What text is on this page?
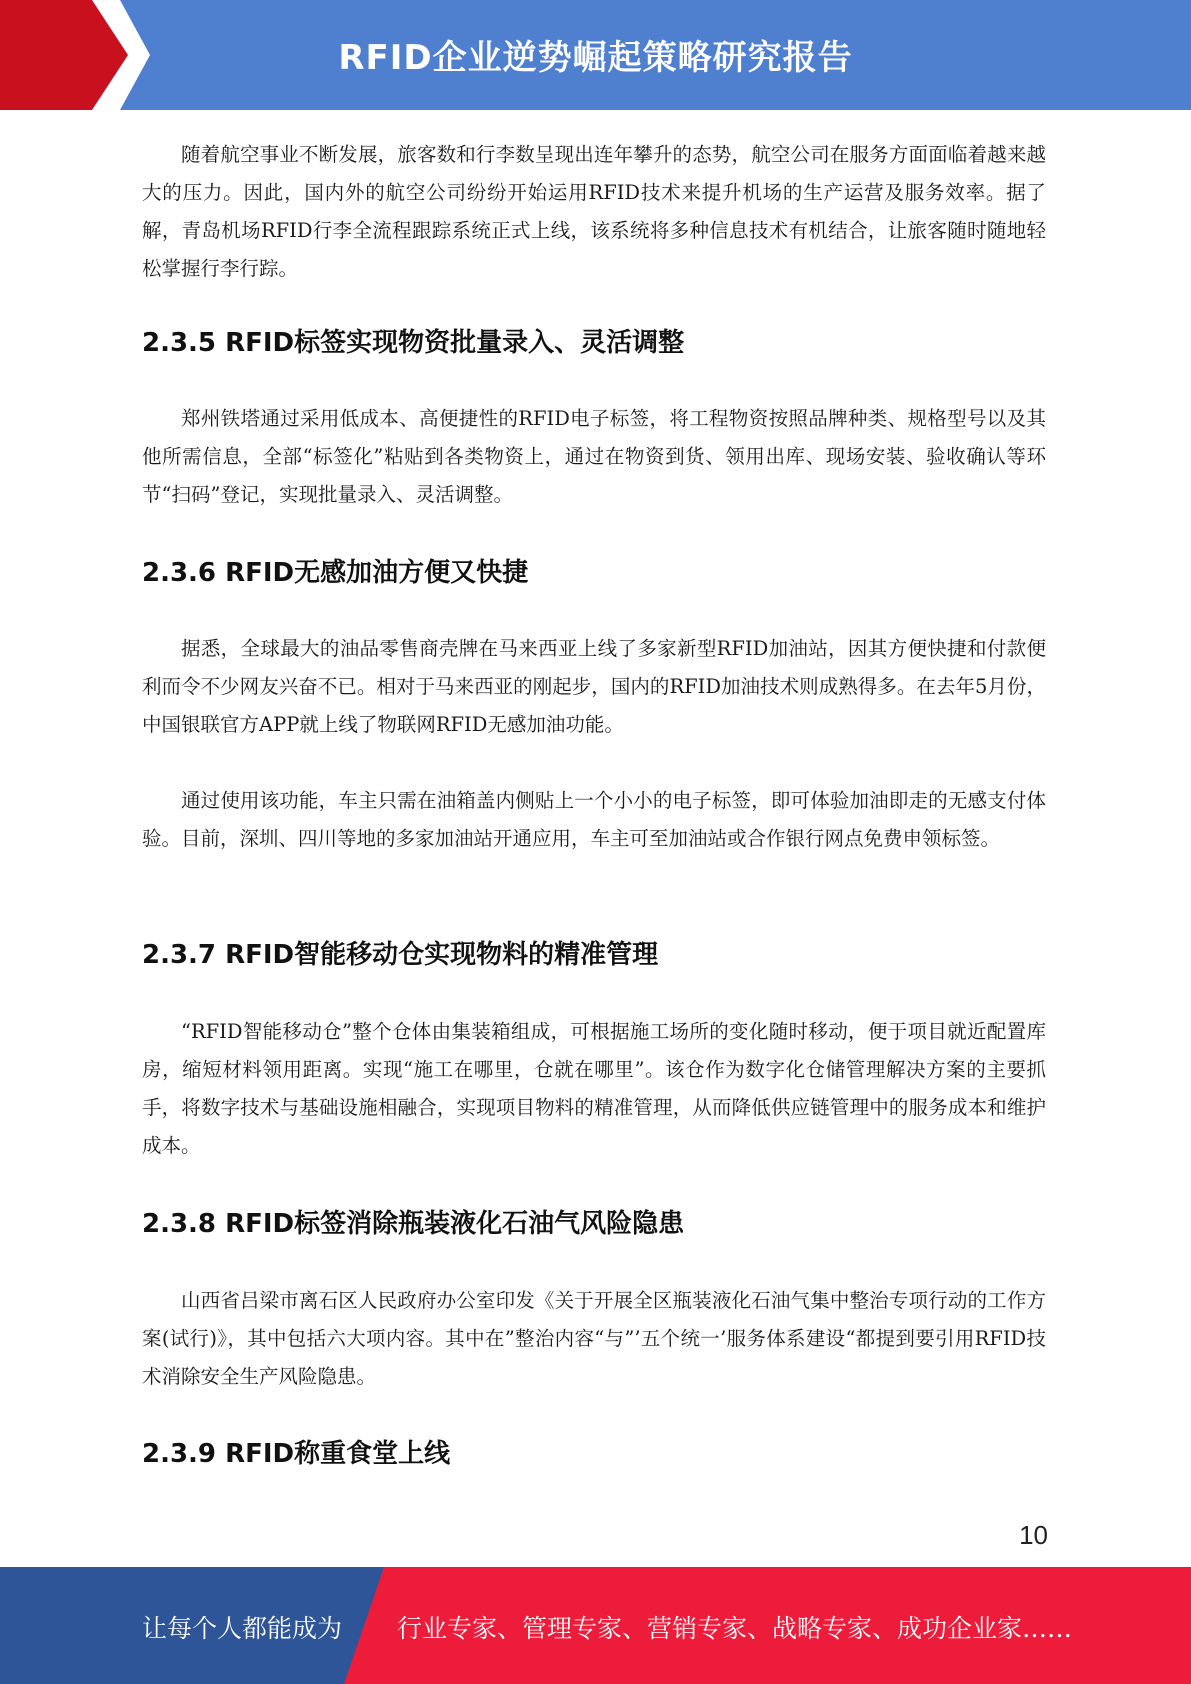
RFID企业逆势崛起策略研究报告

随着航空事业不断发展，旅客数和行李数呈现出连年攀升的态势，航空公司在服务方面面临着越来越大的压力。因此，国内外的航空公司纷纷开始运用RFID技术来提升机场的生产运营及服务效率。据了解，青岛机场RFID行李全流程跟踪系统正式上线，该系统将多种信息技术有机结合，让旅客随时随地轻松掌握行李行踪。

2.3.5 RFID标签实现物资批量录入、灵活调整

郑州铁塔通过采用低成本、高便捷性的RFID电子标签，将工程物资按照品牌种类、规格型号以及其他所需信息，全部“标签化”粘贴到各类物资上，通过在物资到货、领用出库、现场安装、验收确认等环节“扫码”登记，实现批量录入、灵活调整。

2.3.6 RFID无感加油方便又快捷

据悉，全球最大的油品零售商壳牌在马来西亚上线了多家新型RFID加油站，因其方便快捷和付款便利而令不少网友兴奋不已。相对于马来西亚的刚起步，国内的RFID加油技术则成熟得多。在去年5月份，中国银联官方APP就上线了物联网RFID无感加油功能。

通过使用该功能，车主只需在油箱盖内侧贴上一个小小的电子标签，即可体验加油即走的无感支付体验。目前，深圳、四川等地的多家加油站开通应用，车主可至加油站或合作银行网点免费申领标签。

2.3.7 RFID智能移动仓实现物料的精准管理

“RFID智能移动仓”整个仓体由集装箱组成，可根据施工场所的变化随时移动，便于项目就近配置库房，缩短材料领用距离。实现“施工在哪里，仓就在哪里”。该仓作为数字化仓储管理解决方案的主要抓手，将数字技术与基础设施相融合，实现项目物料的精准管理，从而降低供应链管理中的服务成本和维护成本。

2.3.8 RFID标签消除瓶装液化石油气风险隐患

山西省吕梁市离石区人民政府办公室印发《关于开展全区瓶装液化石油气集中整治专项行动的工作方案(试行)》，其中包括六大项内容。其中在”整治内容“与”’五个统一’服务体系建设“都提到要引用RFID技术消除安全生产风险隐患。

2.3.9 RFID称重食堂上线
10
让每个人都能成为 行业专家、管理专家、营销专家、战略专家、成功企业家……
